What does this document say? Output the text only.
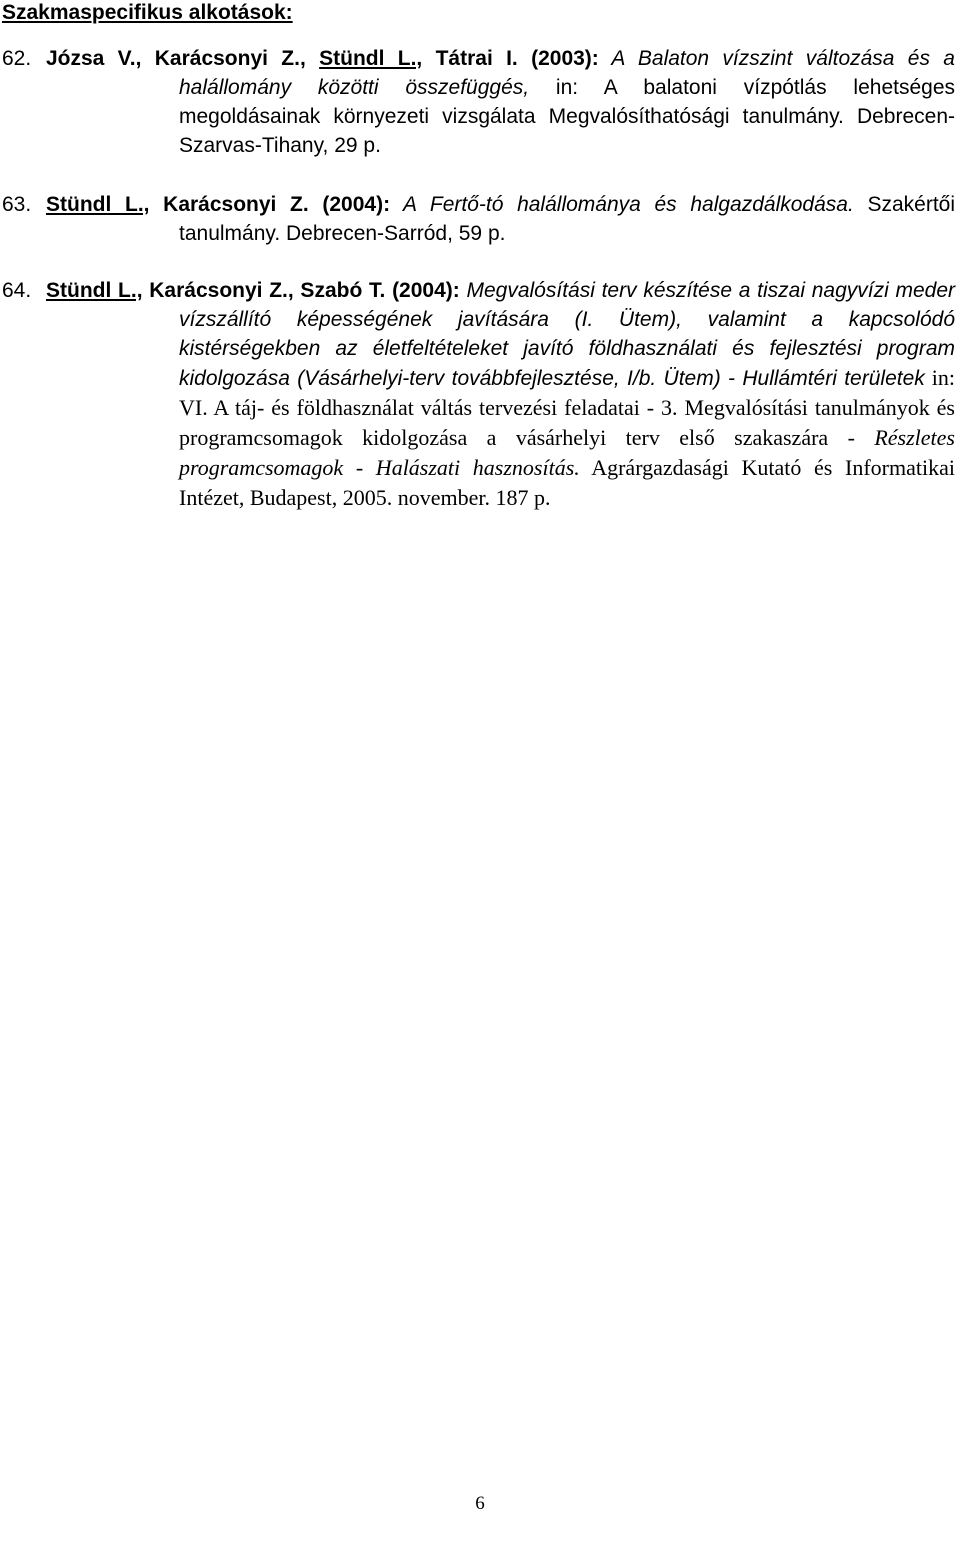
Szakmaspecifikus alkotások:
62. Józsa V., Karácsonyi Z., Stündl L., Tátrai I. (2003): A Balaton vízszint változása és a halállomány közötti összefüggés, in: A balatoni vízpótlás lehetséges megoldásainak környezeti vizsgálata Megvalósíthatósági tanulmány. Debrecen-Szarvas-Tihany, 29 p.
63. Stündl L., Karácsonyi Z. (2004): A Fertő-tó halállománya és halgazdálkodása. Szakértői tanulmány. Debrecen-Sarród, 59 p.
64. Stündl L., Karácsonyi Z., Szabó T. (2004): Megvalósítási terv készítése a tiszai nagyvízi meder vízszállító képességének javítására (I. Ütem), valamint a kapcsolódó kistérségekben az életfeltételeket javító földhasználati és fejlesztési program kidolgozása (Vásárhelyi-terv továbbfejlesztése, I/b. Ütem) - Hullámtéri területek in: VI. A táj- és földhasználat váltás tervezési feladatai - 3. Megvalósítási tanulmányok és programcsomagok kidolgozása a vásárhelyi terv első szakaszára - Részletes programcsomagok - Halászati hasznosítás. Agrárgazdasági Kutató és Informatikai Intézet, Budapest, 2005. november. 187 p.
6
